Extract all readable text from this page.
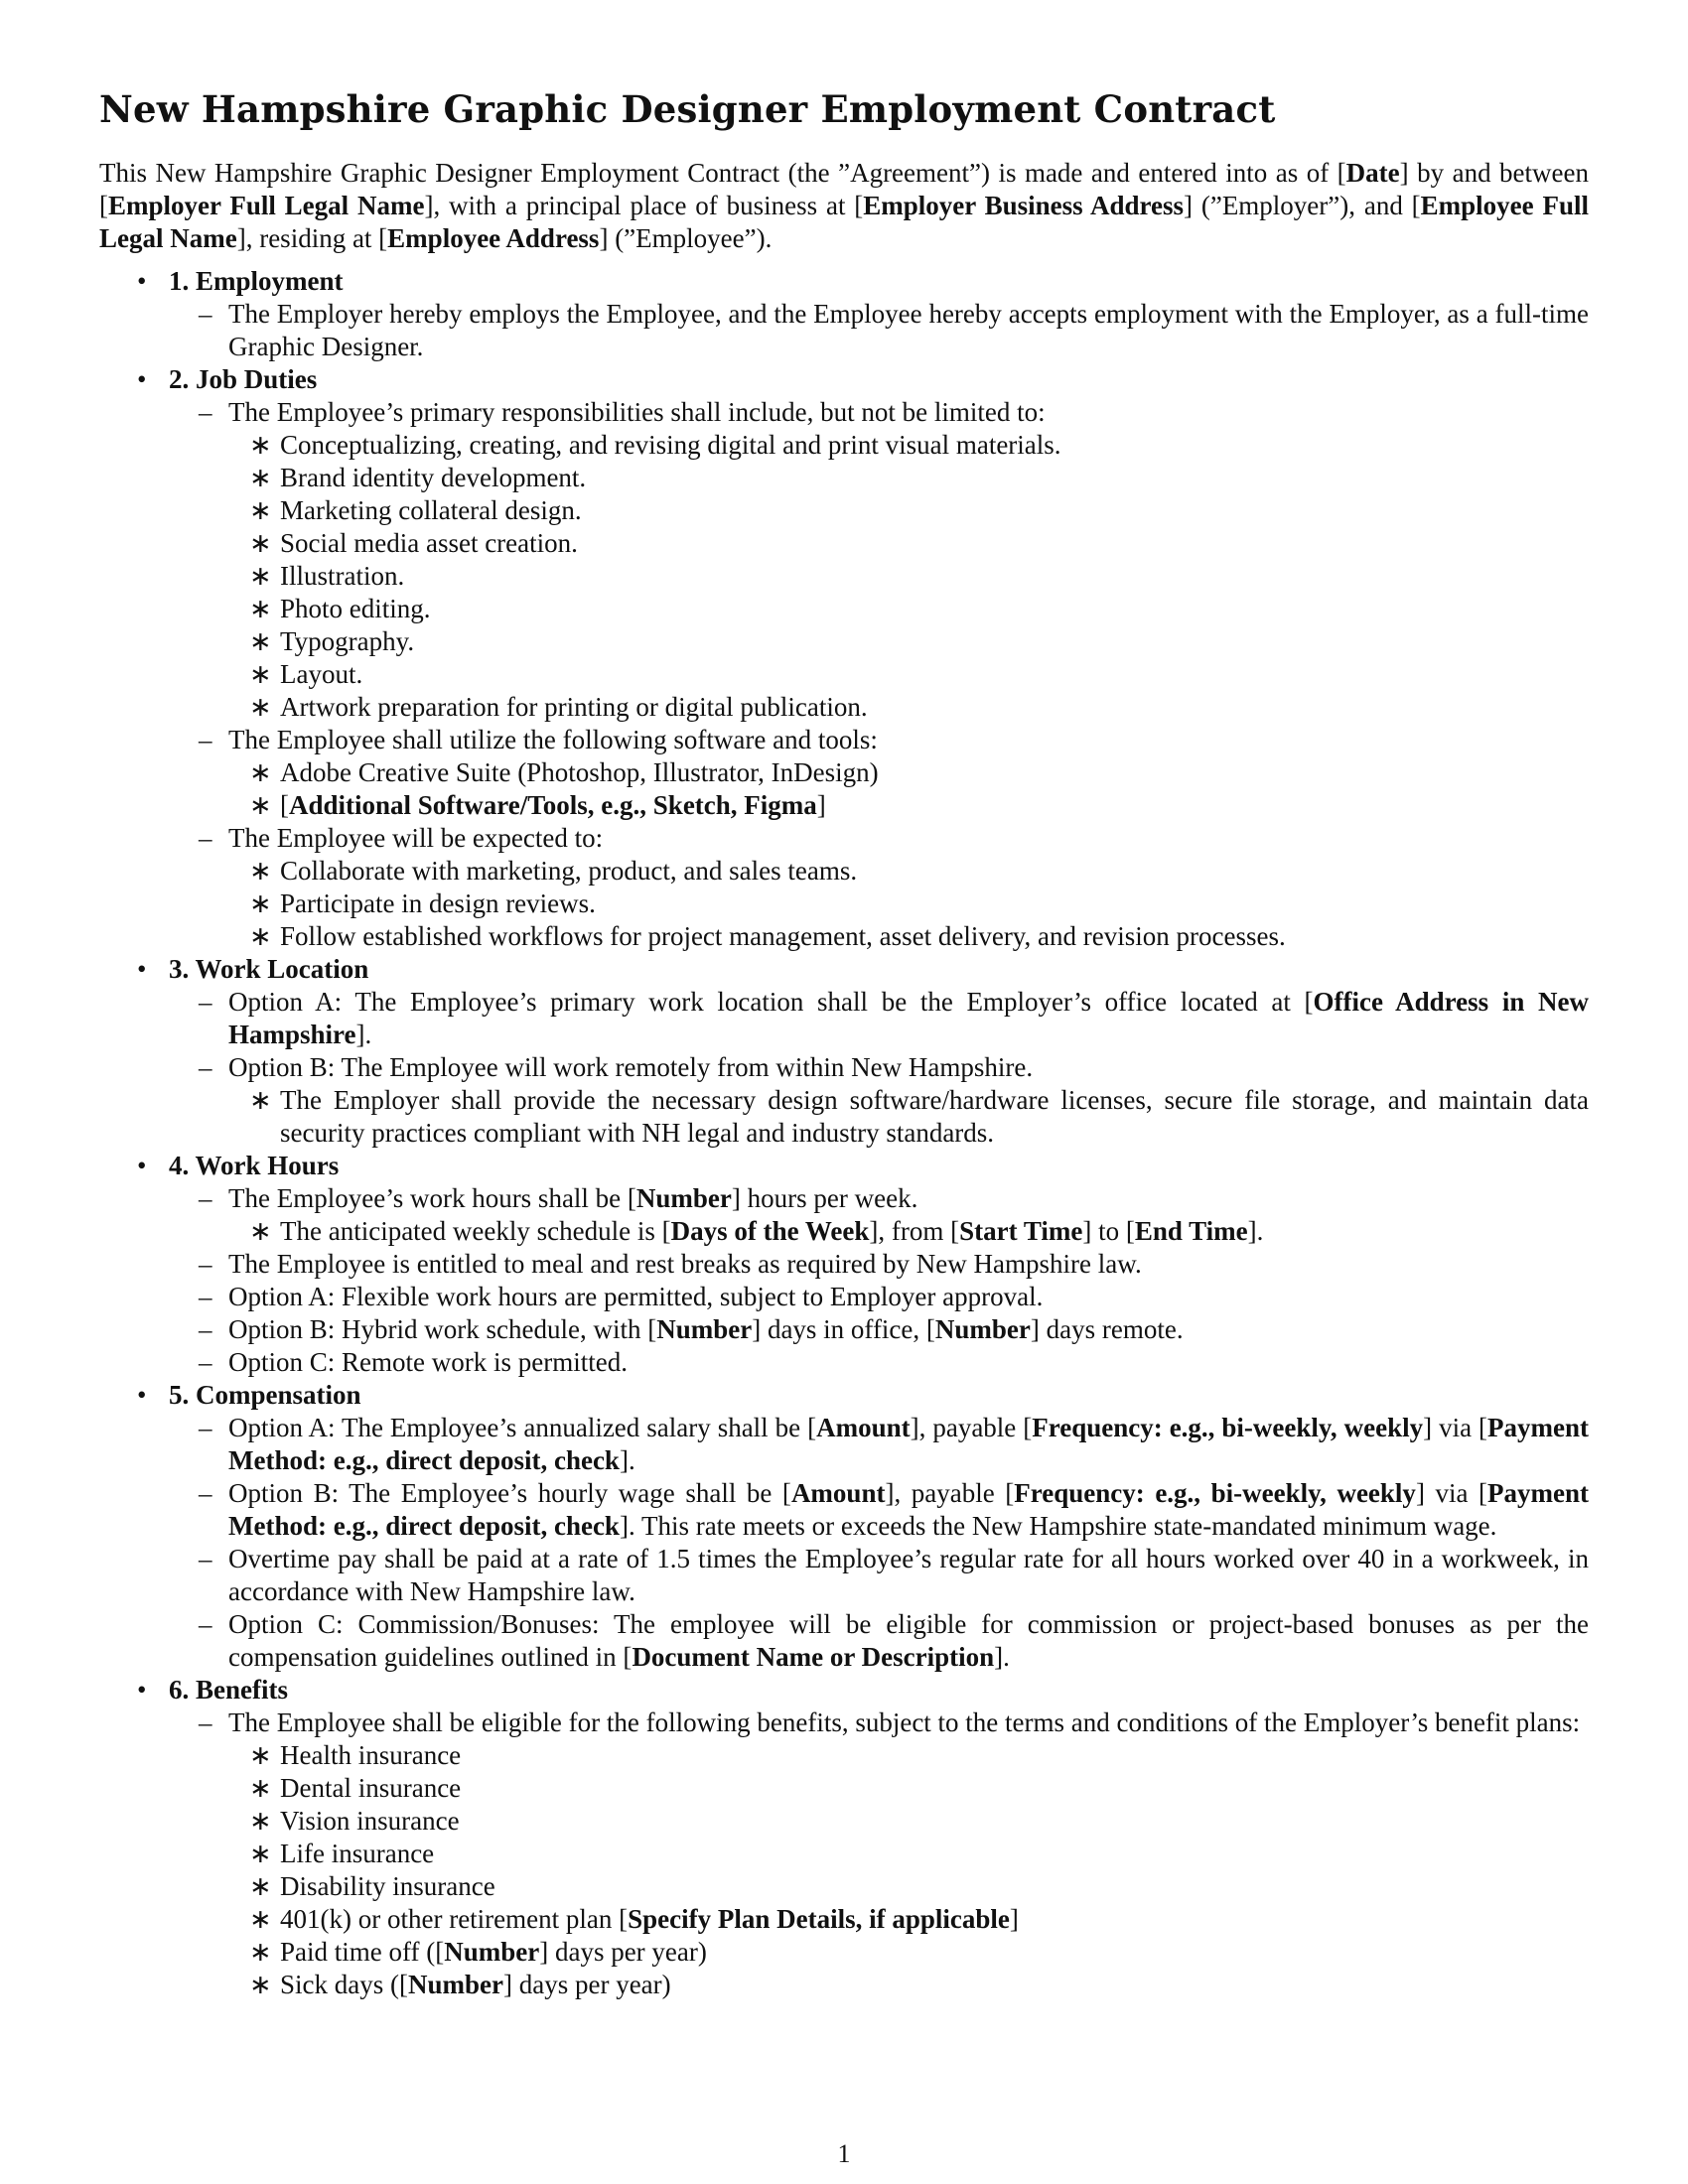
New Hampshire Graphic Designer Employment Contract

This New Hampshire Graphic Designer Employment Contract (the ”Agreement”) is made and entered into as of [Date] by and between [Employer Full Legal Name], with a principal place of business at [Employer Business Address] (”Employer”), and [Employee Full Legal Name], residing at [Employee Address] (”Employee”).

• 1. Employment
– The Employer hereby employs the Employee, and the Employee hereby accepts employment with the Employer, as a full-time Graphic Designer.
• 2. Job Duties
– The Employee’s primary responsibilities shall include, but not be limited to:
∗ Conceptualizing, creating, and revising digital and print visual materials.
∗ Brand identity development.
∗ Marketing collateral design.
∗ Social media asset creation.
∗ Illustration.
∗ Photo editing.
∗ Typography.
∗ Layout.
∗ Artwork preparation for printing or digital publication.
– The Employee shall utilize the following software and tools:
∗ Adobe Creative Suite (Photoshop, Illustrator, InDesign)
∗ [Additional Software/Tools, e.g., Sketch, Figma]
– The Employee will be expected to:
∗ Collaborate with marketing, product, and sales teams.
∗ Participate in design reviews.
∗ Follow established workflows for project management, asset delivery, and revision processes.
• 3. Work Location
– Option A: The Employee’s primary work location shall be the Employer’s office located at [Office Address in New Hampshire].
– Option B: The Employee will work remotely from within New Hampshire.
∗ The Employer shall provide the necessary design software/hardware licenses, secure file storage, and maintain data security practices compliant with NH legal and industry standards.
• 4. Work Hours
– The Employee’s work hours shall be [Number] hours per week.
∗ The anticipated weekly schedule is [Days of the Week], from [Start Time] to [End Time].
– The Employee is entitled to meal and rest breaks as required by New Hampshire law.
– Option A: Flexible work hours are permitted, subject to Employer approval.
– Option B: Hybrid work schedule, with [Number] days in office, [Number] days remote.
– Option C: Remote work is permitted.
• 5. Compensation
– Option A: The Employee’s annualized salary shall be [Amount], payable [Frequency: e.g., bi-weekly, weekly] via [Payment Method: e.g., direct deposit, check].
– Option B: The Employee’s hourly wage shall be [Amount], payable [Frequency: e.g., bi-weekly, weekly] via [Payment Method: e.g., direct deposit, check]. This rate meets or exceeds the New Hampshire state-mandated minimum wage.
– Overtime pay shall be paid at a rate of 1.5 times the Employee’s regular rate for all hours worked over 40 in a workweek, in accordance with New Hampshire law.
– Option C: Commission/Bonuses: The employee will be eligible for commission or project-based bonuses as per the compensation guidelines outlined in [Document Name or Description].
• 6. Benefits
– The Employee shall be eligible for the following benefits, subject to the terms and conditions of the Employer’s benefit plans:
∗ Health insurance
∗ Dental insurance
∗ Vision insurance
∗ Life insurance
∗ Disability insurance
∗ 401(k) or other retirement plan [Specify Plan Details, if applicable]
∗ Paid time off ([Number] days per year)
∗ Sick days ([Number] days per year)
1
